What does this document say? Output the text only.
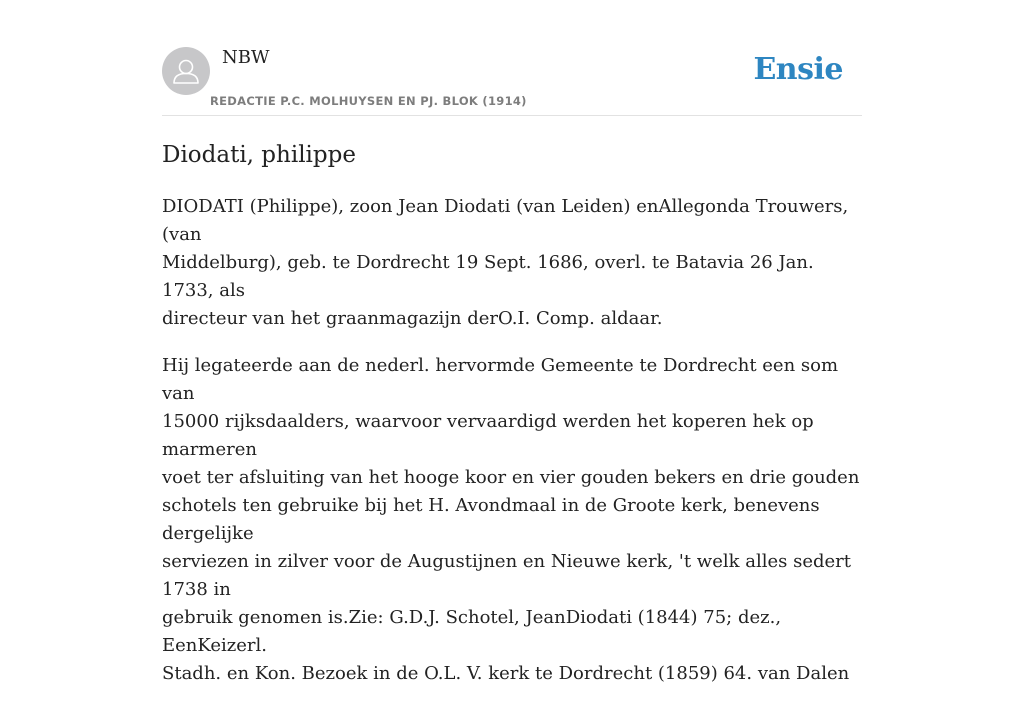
NBW
REDACTIE P.C. MOLHUYSEN EN PJ. BLOK (1914)
Ensie
Diodati, philippe

DIODATI (Philippe), zoon Jean Diodati (van Leiden) enAllegonda Trouwers, (van
Middelburg), geb. te Dordrecht 19 Sept. 1686, overl. te Batavia 26 Jan. 1733, als
directeur van het graanmagazijn derO.I. Comp. aldaar.

Hij legateerde aan de nederl. hervormde Gemeente te Dordrecht een som van
15000 rijksdaalders, waarvoor vervaardigd werden het koperen hek op marmeren
voet ter afsluiting van het hooge koor en vier gouden bekers en drie gouden
schotels ten gebruike bij het H. Avondmaal in de Groote kerk, benevens dergelijke
serviezen in zilver voor de Augustijnen en Nieuwe kerk, 't welk alles sedert 1738 in
gebruik genomen is.Zie: G.D.J. Schotel, JeanDiodati (1844) 75; dez., EenKeizerl.
Stadh. en Kon. Bezoek in de O.L. V. kerk te Dordrecht (1859) 64. van Dalen
